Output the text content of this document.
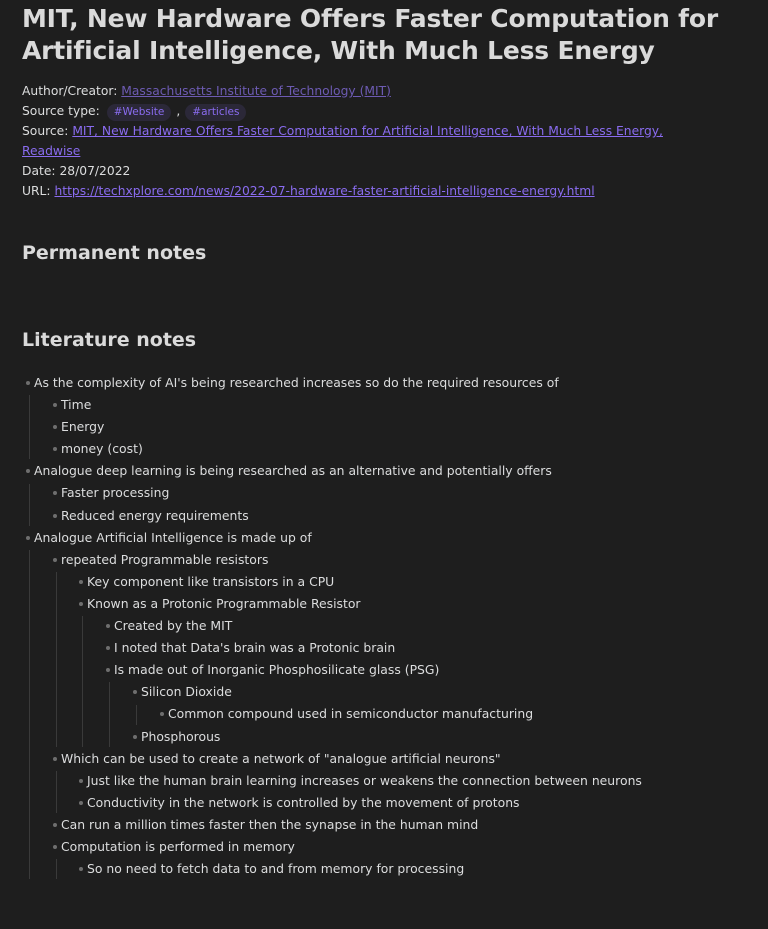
MIT, New Hardware Offers Faster Computation for Artificial Intelligence, With Much Less Energy
Author/Creator: Massachusetts Institute of Technology (MIT)
Source type: #Website , #articles
Source: MIT, New Hardware Offers Faster Computation for Artificial Intelligence, With Much Less Energy,
Readwise
Date: 28/07/2022
URL: https://techxplore.com/news/2022-07-hardware-faster-artificial-intelligence-energy.html
Permanent notes
Literature notes
As the complexity of AI's being researched increases so do the required resources of
Time
Energy
money (cost)
Analogue deep learning is being researched as an alternative and potentially offers
Faster processing
Reduced energy requirements
Analogue Artificial Intelligence is made up of
repeated Programmable resistors
Key component like transistors in a CPU
Known as a Protonic Programmable Resistor
Created by the MIT
I noted that Data's brain was a Protonic brain
Is made out of Inorganic Phosphosilicate glass (PSG)
Silicon Dioxide
Common compound used in semiconductor manufacturing
Phosphorous
Which can be used to create a network of "analogue artificial neurons"
Just like the human brain learning increases or weakens the connection between neurons
Conductivity in the network is controlled by the movement of protons
Can run a million times faster then the synapse in the human mind
Computation is performed in memory
So no need to fetch data to and from memory for processing
